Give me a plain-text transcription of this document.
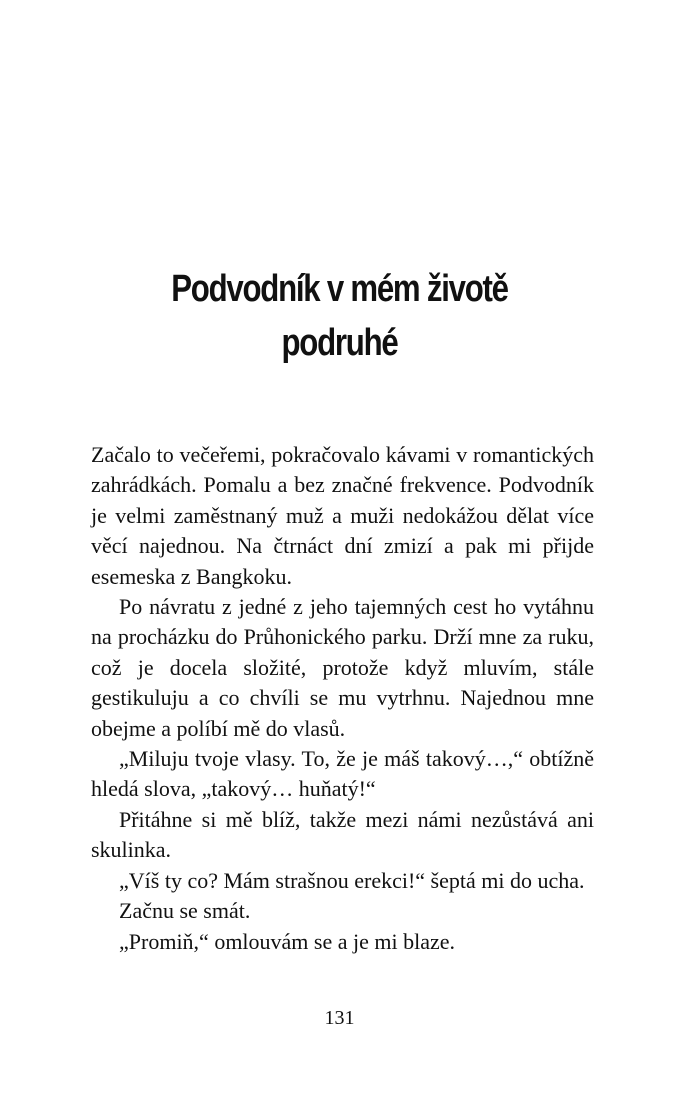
Podvodník v mém životě
podruhé

Začalo to večeřemi, pokračovalo kávami v romantických zahrádkách. Pomalu a bez značné frekvence. Podvodník je velmi zaměstnaný muž a muži nedokážou dělat více věcí najednou. Na čtrnáct dní zmizí a pak mi přijde esemeska z Bangkoku.

Po návratu z jedné z jeho tajemných cest ho vytáhnu na procházku do Průhonického parku. Drží mne za ruku, což je docela složité, protože když mluvím, stále gestikuluju a co chvíli se mu vytrhnu. Najednou mne obejme a políbí mě do vlasů.

„Miluju tvoje vlasy. To, že je máš takový…,“ obtížně hledá slova, „takový… huňatý!“

Přitáhne si mě blíž, takže mezi námi nezůstává ani skulinka.

„Víš ty co? Mám strašnou erekci!“ šeptá mi do ucha.

Začnu se smát.

„Promiň,“ omlouvám se a je mi blaze.

131
